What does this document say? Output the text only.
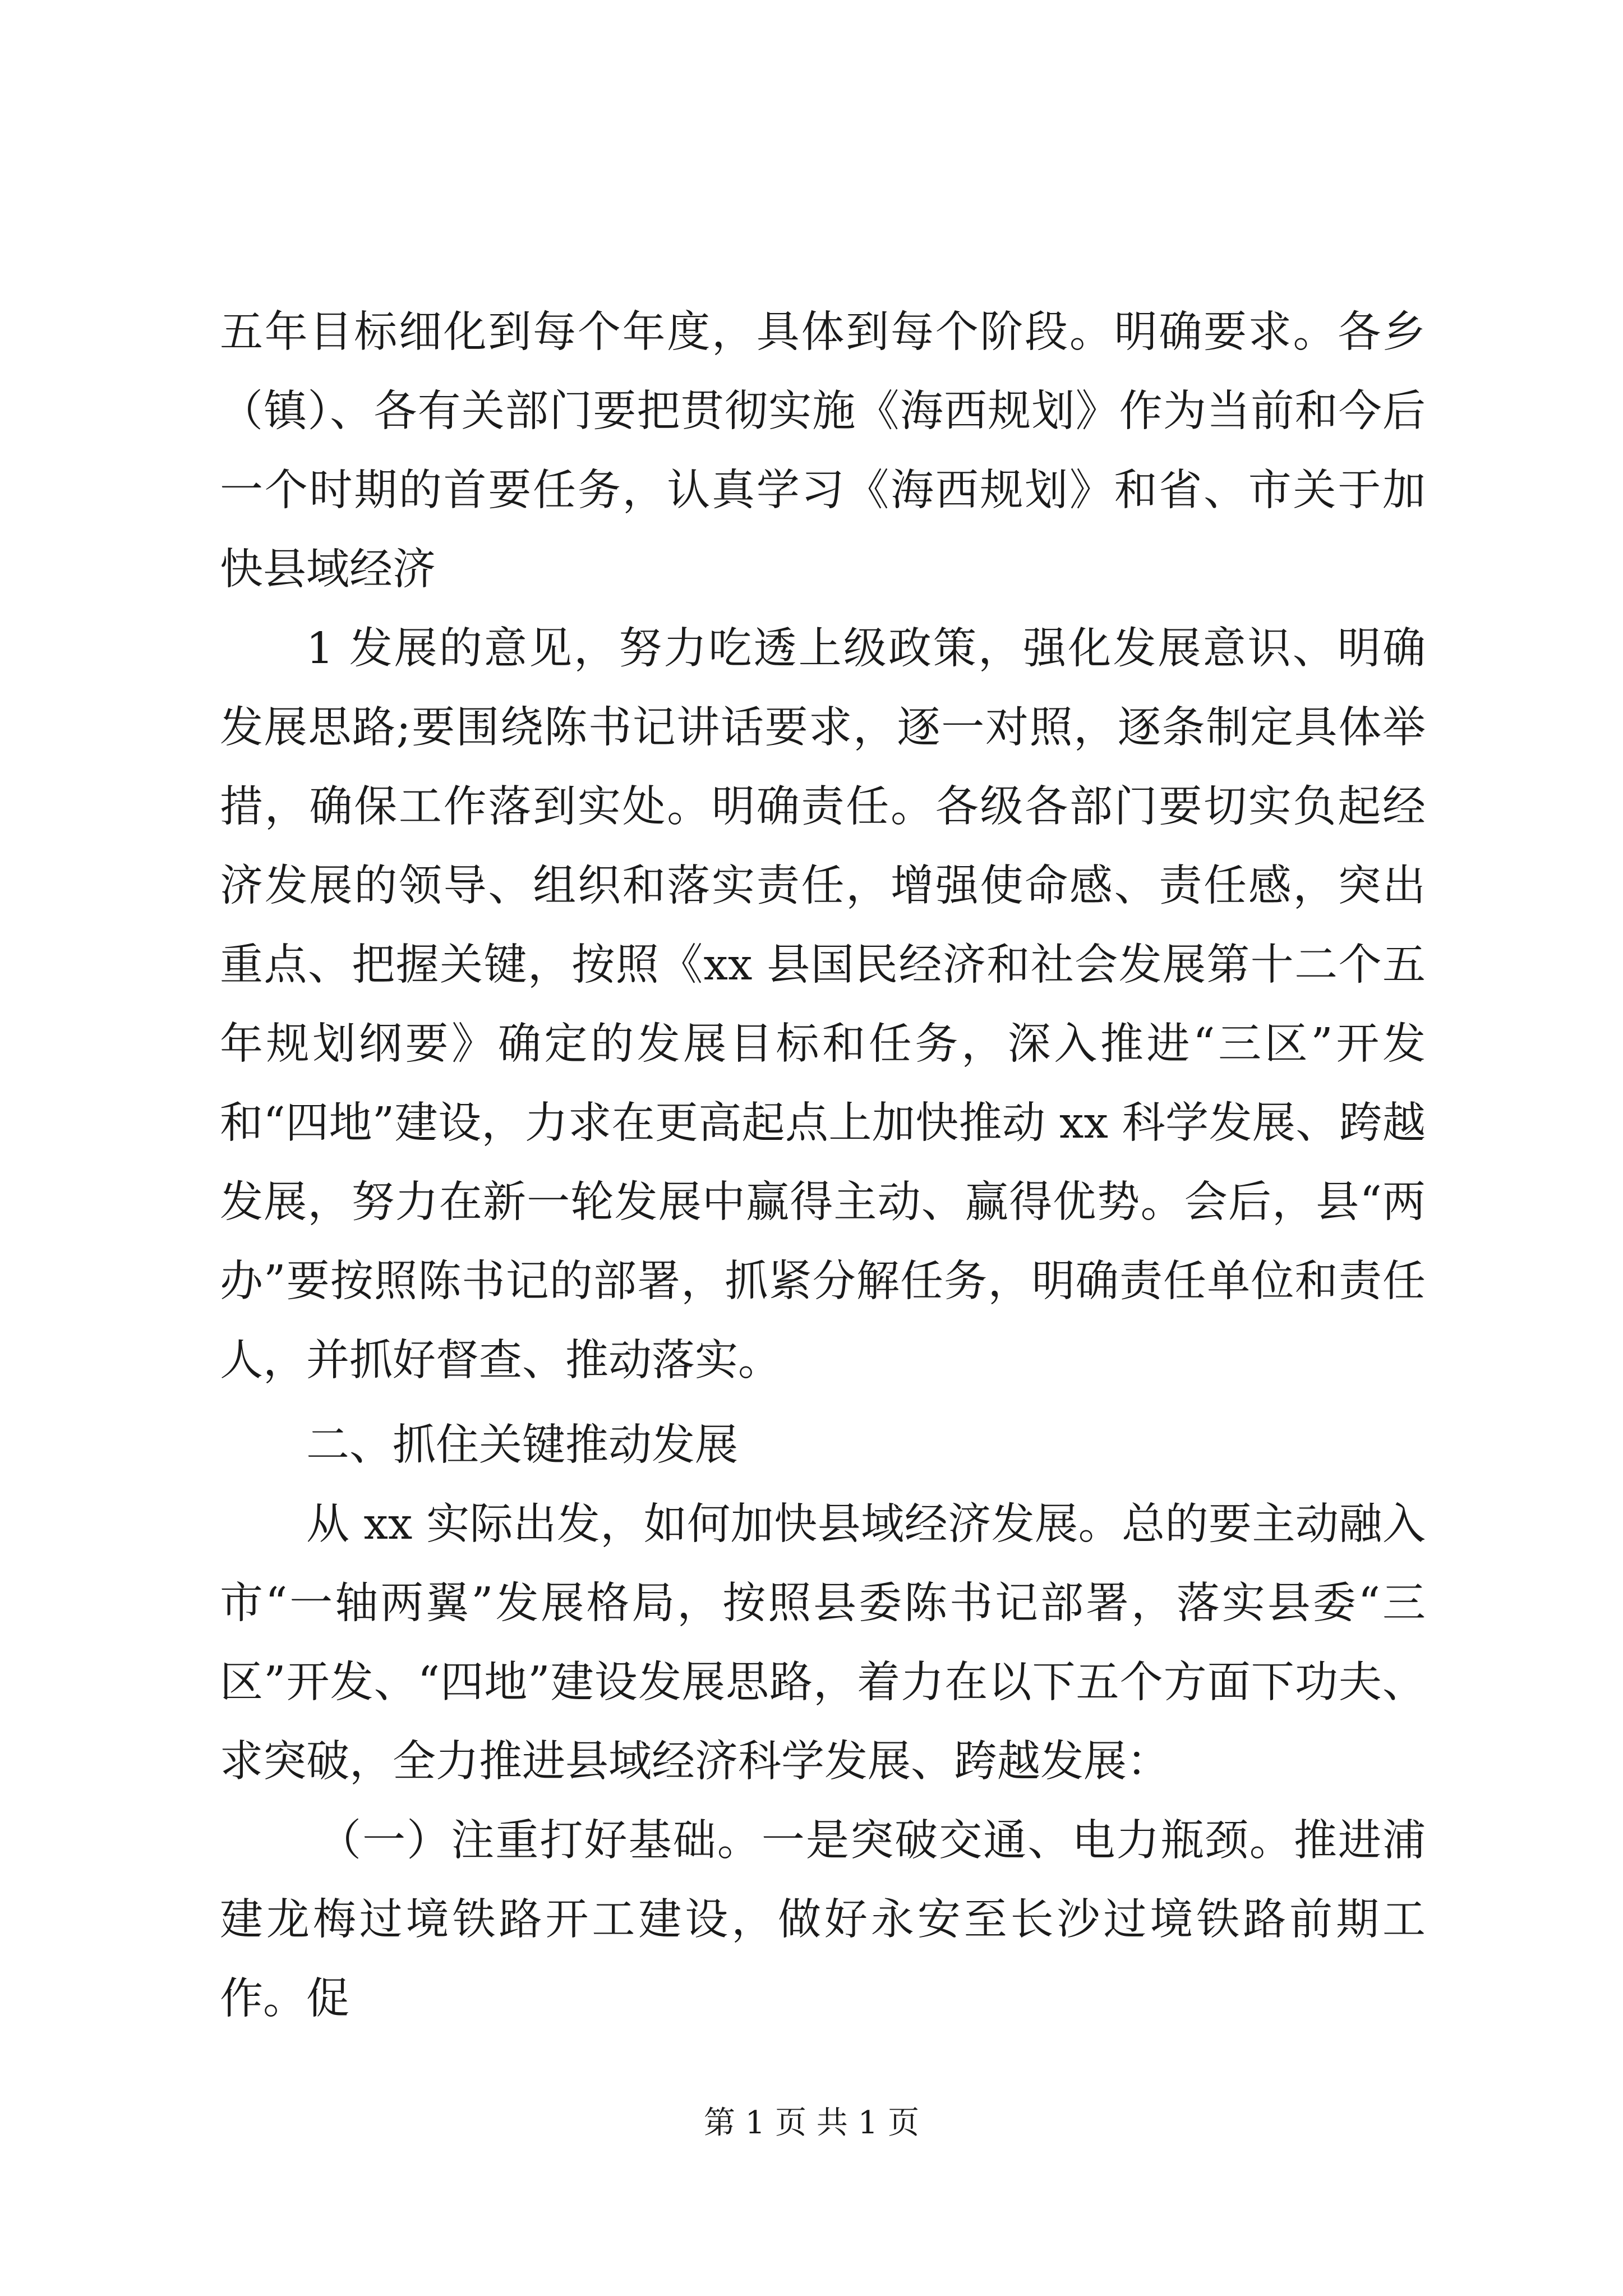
五年目标细化到每个年度，具体到每个阶段。明确要求。各乡（镇）、各有关部门要把贯彻实施《海西规划》作为当前和今后一个时期的首要任务，认真学习《海西规划》和省、市关于加快县域经济

1 发展的意见，努力吃透上级政策，强化发展意识、明确发展思路;要围绕陈书记讲话要求，逐一对照，逐条制定具体举措，确保工作落到实处。明确责任。各级各部门要切实负起经济发展的领导、组织和落实责任，增强使命感、责任感，突出重点、把握关键，按照《xx 县国民经济和社会发展第十二个五年规划纲要》确定的发展目标和任务，深入推进“三区”开发和“四地”建设，力求在更高起点上加快推动 xx 科学发展、跨越发展，努力在新一轮发展中赢得主动、赢得优势。会后，县“两办”要按照陈书记的部署，抓紧分解任务，明确责任单位和责任人，并抓好督查、推动落实。

二、抓住关键推动发展

从 xx 实际出发，如何加快县域经济发展。总的要主动融入市“一轴两翼”发展格局，按照县委陈书记部署，落实县委“三区”开发、“四地”建设发展思路，着力在以下五个方面下功夫、求突破，全力推进县域经济科学发展、跨越发展：

（一）注重打好基础。一是突破交通、电力瓶颈。推进浦建龙梅过境铁路开工建设，做好永安至长沙过境铁路前期工作。促

第 1 页 共 1 页
